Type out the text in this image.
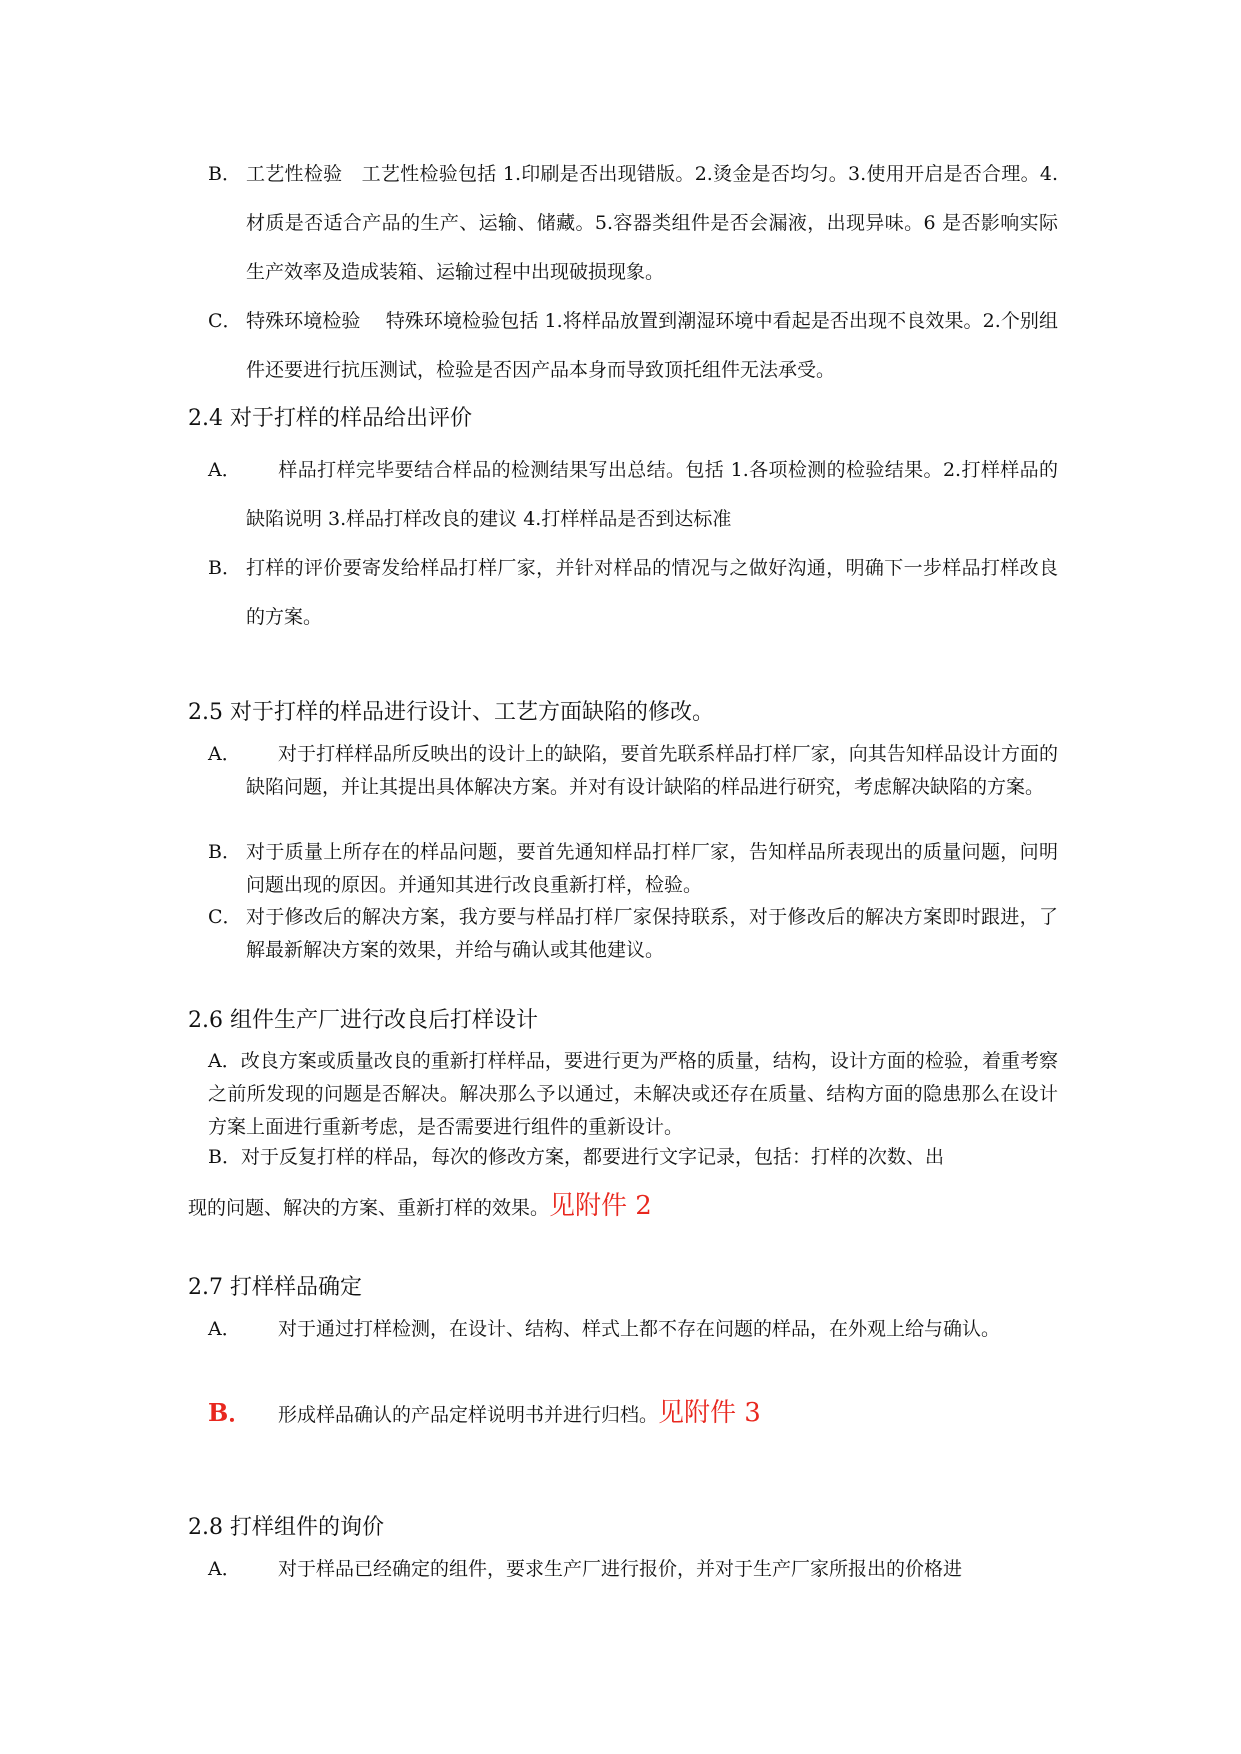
B． 工艺性检验　工艺性检验包括 1.印刷是否出现错版。2.烫金是否均匀。3.使用开启是否合理。4.材质是否适合产品的生产、运输、储藏。5.容器类组件是否会漏液，出现异味。6 是否影响实际生产效率及造成装箱、运输过程中出现破损现象。
C． 特殊环境检验　 特殊环境检验包括 1.将样品放置到潮湿环境中看起是否出现不良效果。2.个别组件还要进行抗压测试，检验是否因产品本身而导致顶托组件无法承受。
2.4 对于打样的样品给出评价
A．	样品打样完毕要结合样品的检测结果写出总结。包括 1.各项检测的检验结果。2.打样样品的缺陷说明 3.样品打样改良的建议 4.打样样品是否到达标准
B． 打样的评价要寄发给样品打样厂家，并针对样品的情况与之做好沟通，明确下一步样品打样改良的方案。
2.5 对于打样的样品进行设计、工艺方面缺陷的修改。
A．	对于打样样品所反映出的设计上的缺陷，要首先联系样品打样厂家，向其告知样品设计方面的缺陷问题，并让其提出具体解决方案。并对有设计缺陷的样品进行研究，考虑解决缺陷的方案。
B． 对于质量上所存在的样品问题，要首先通知样品打样厂家，告知样品所表现出的质量问题，问明问题出现的原因。并通知其进行改良重新打样，检验。
C． 对于修改后的解决方案，我方要与样品打样厂家保持联系，对于修改后的解决方案即时跟进，了解最新解决方案的效果，并给与确认或其他建议。
2.6 组件生产厂进行改良后打样设计
A．改良方案或质量改良的重新打样样品，要进行更为严格的质量，结构，设计方面的检验，着重考察之前所发现的问题是否解决。解决那么予以通过，未解决或还存在质量、结构方面的隐患那么在设计方案上面进行重新考虑，是否需要进行组件的重新设计。
B．对于反复打样的样品，每次的修改方案，都要进行文字记录，包括：打样的次数、出
现的问题、解决的方案、重新打样的效果。见附件 2
2.7 打样样品确定
A．	对于通过打样检测，在设计、结构、样式上都不存在问题的样品，在外观上给与确认。
B．	形成样品确认的产品定样说明书并进行归档。见附件 3
2.8 打样组件的询价
A．	对于样品已经确定的组件，要求生产厂进行报价，并对于生产厂家所报出的价格进
